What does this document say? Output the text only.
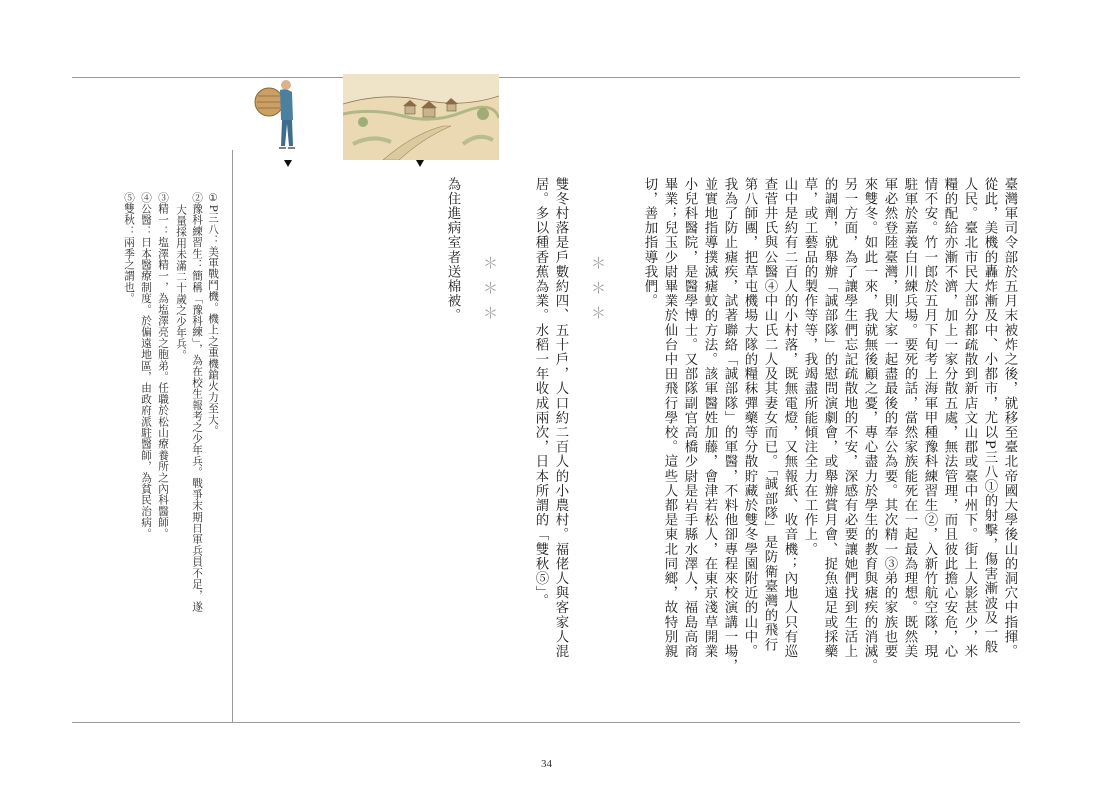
臺灣軍司令部於五月末被炸之後，就移至臺北帝國大學後山的洞穴中指揮。
從此，美機的轟炸漸及中、小都市，尤以P三八①的射擊，傷害漸波及一般
人民。臺北市民大部分都疏散到新店文山郡或臺中州下。街上人影甚少，米
糧的配給亦漸不濟，加上一家分散五處，無法管理，而且彼此擔心安危，心
情不安。竹一郎於五月下旬考上海軍甲種豫科練習生②，入新竹航空隊，現
駐軍於嘉義白川練兵場。要死的話，當然家族能死在一起最為理想。既然美
軍必然登陸臺灣，則大家一起盡最後的奉公為要。其次精一③弟的家族也要
來雙冬。如此一來，我就無後顧之憂，專心盡力於學生的教育與瘧疾的消滅。
另一方面，為了讓學生們忘記疏散地的不安，深感有必要讓她們找到生活上
的調劑，就舉辦「誠部隊」的慰問演劇會，或舉辦賞月會、捉魚遠足或採藥
草，或工藝品的製作等等，我竭盡所能傾注全力在工作上。
山中是約有二百人的小村落，既無電燈，又無報紙、收音機；內地人只有巡
查菅井氏與公醫④中山氏二人及其妻女而已。「誠部隊」是防衛臺灣的飛行
第八師團，把草屯機場大隊的糧秣彈藥等分散貯藏於雙冬學園附近的山中。
我為了防止瘧疾，試著聯絡「誠部隊」的軍醫，不料他卻專程來校演講一場，
並實地指導撲滅瘧蚊的方法。該軍醫姓加藤，會津若松人，在東京淺草開業
小兒科醫院，是醫學博士。又部隊副官高橋少尉是岩手縣水澤人，福島高商
畢業；兒玉少尉畢業於仙台中田飛行學校。這些人都是東北同鄉，故特別親
切，善加指導我們。
＊＊＊
雙冬村落是戶數約四、五十戶，人口約二百人的小農村。福佬人與客家人混
居。多以種香蕉為業。水稻一年收成兩次，日本所謂的「雙秋⑤」。
＊＊＊
為住進病室者送棉被。
①P三八：美軍戰鬥機。機上之重機鎗火力至大。
②豫科練習生：簡稱「豫科練」，為在校生報考之少年兵。戰爭末期日軍兵員不足，遂
大量採用未滿二十歲之少年兵。
③精一：塩澤精一，為塩澤亮之胞弟。任職於松山療養所之內科醫師。
④公醫：日本醫療制度。於偏遠地區，由政府派駐醫師，為貧民治病。
⑤雙秋：兩季之謂也。
34
